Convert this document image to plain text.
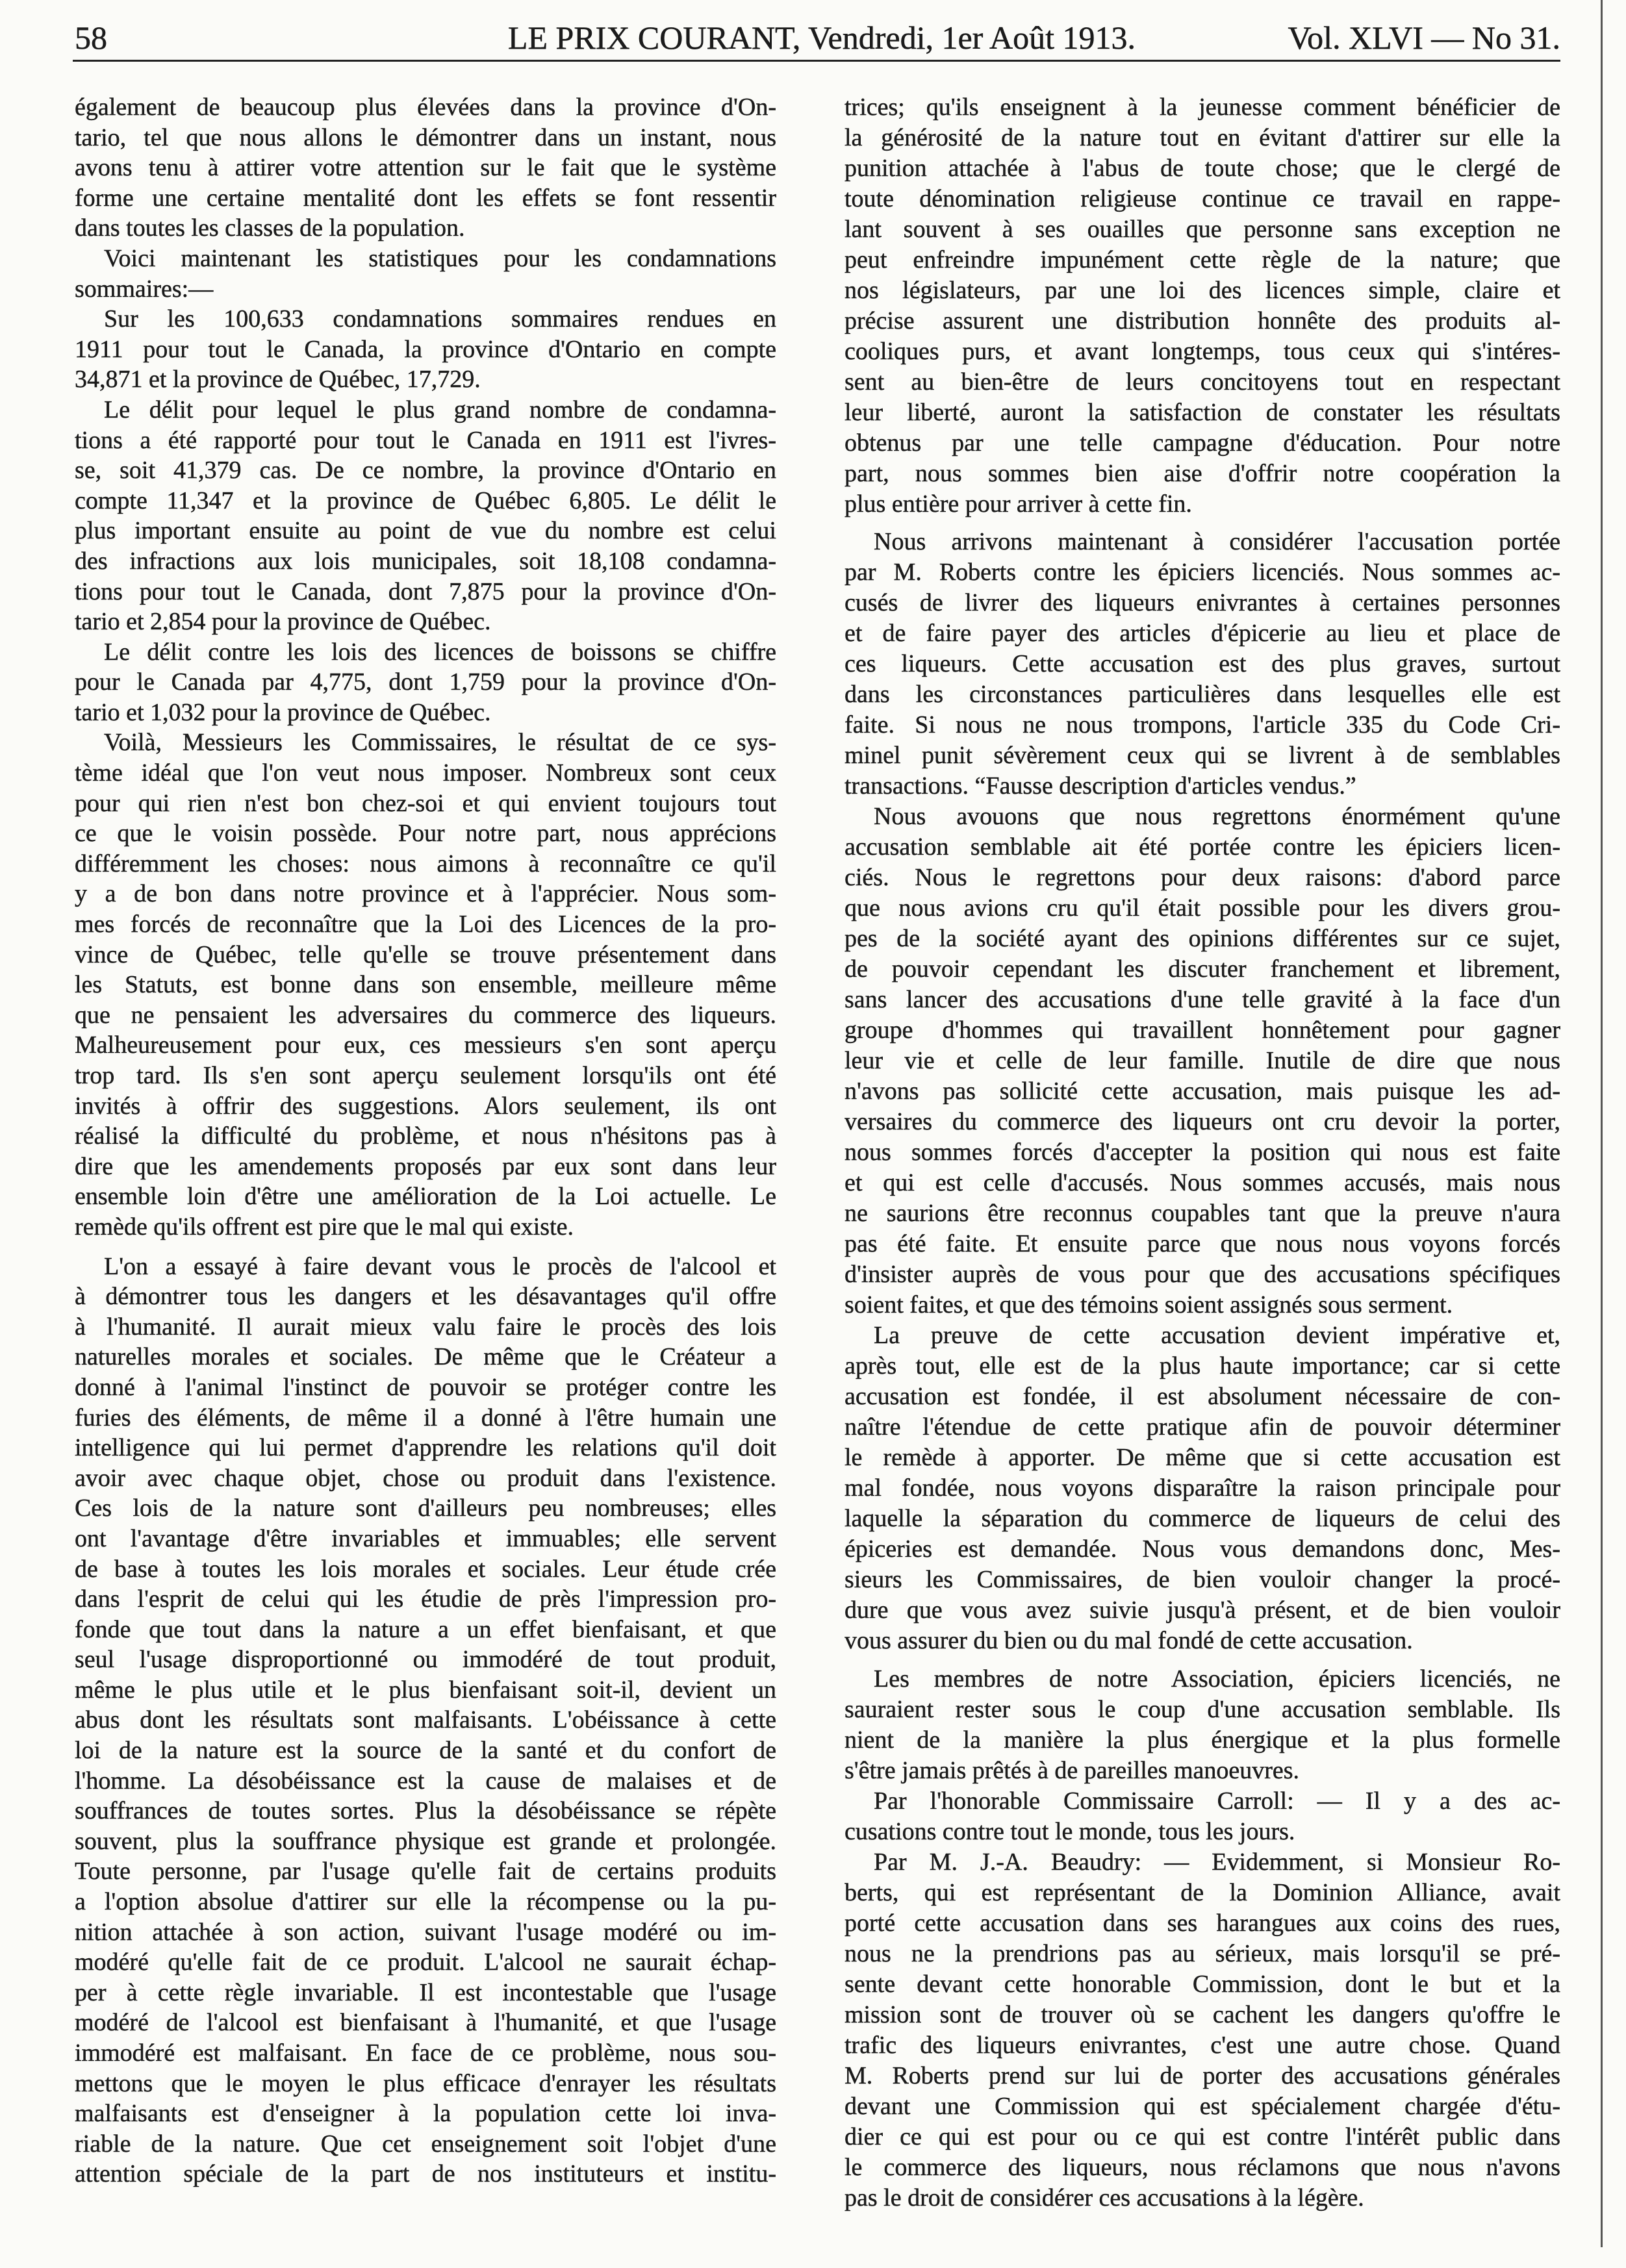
58	LE PRIX COURANT, Vendredi, 1er Août 1913.	Vol. XLVI — No 31.
également de beaucoup plus élevées dans la province d'On-
tario, tel que nous allons le démontrer dans un instant, nous
avons tenu à attirer votre attention sur le fait que le système
forme une certaine mentalité dont les effets se font ressentir
dans toutes les classes de la population.
Voici maintenant les statistiques pour les condamnations
sommaires:—
Sur les 100,633 condamnations sommaires rendues en
1911 pour tout le Canada, la province d'Ontario en compte
34,871 et la province de Québec, 17,729.
Le délit pour lequel le plus grand nombre de condamna-
tions a été rapporté pour tout le Canada en 1911 est l'ivres-
se, soit 41,379 cas. De ce nombre, la province d'Ontario en
compte 11,347 et la province de Québec 6,805. Le délit le
plus important ensuite au point de vue du nombre est celui
des infractions aux lois municipales, soit 18,108 condamna-
tions pour tout le Canada, dont 7,875 pour la province d'On-
tario et 2,854 pour la province de Québec.
Le délit contre les lois des licences de boissons se chiffre
pour le Canada par 4,775, dont 1,759 pour la province d'On-
tario et 1,032 pour la province de Québec.
Voilà, Messieurs les Commissaires, le résultat de ce sys-
tème idéal que l'on veut nous imposer. Nombreux sont ceux
pour qui rien n'est bon chez-soi et qui envient toujours tout
ce que le voisin possède. Pour notre part, nous apprécions
différemment les choses: nous aimons à reconnaître ce qu'il
y a de bon dans notre province et à l'apprécier. Nous som-
mes forcés de reconnaître que la Loi des Licences de la pro-
vince de Québec, telle qu'elle se trouve présentement dans
les Statuts, est bonne dans son ensemble, meilleure même
que ne pensaient les adversaires du commerce des liqueurs.
Malheureusement pour eux, ces messieurs s'en sont aperçu
trop tard. Ils s'en sont aperçu seulement lorsqu'ils ont été
invités à offrir des suggestions. Alors seulement, ils ont
réalisé la difficulté du problème, et nous n'hésitons pas à
dire que les amendements proposés par eux sont dans leur
ensemble loin d'être une amélioration de la Loi actuelle. Le
remède qu'ils offrent est pire que le mal qui existe.
L'on a essayé à faire devant vous le procès de l'alcool et
à démontrer tous les dangers et les désavantages qu'il offre
à l'humanité. Il aurait mieux valu faire le procès des lois
naturelles morales et sociales. De même que le Créateur a
donné à l'animal l'instinct de pouvoir se protéger contre les
furies des éléments, de même il a donné à l'être humain une
intelligence qui lui permet d'apprendre les relations qu'il doit
avoir avec chaque objet, chose ou produit dans l'existence.
Ces lois de la nature sont d'ailleurs peu nombreuses; elles
ont l'avantage d'être invariables et immuables; elle servent
de base à toutes les lois morales et sociales. Leur étude crée
dans l'esprit de celui qui les étudie de près l'impression pro-
fonde que tout dans la nature a un effet bienfaisant, et que
seul l'usage disproportionné ou immodéré de tout produit,
même le plus utile et le plus bienfaisant soit-il, devient un
abus dont les résultats sont malfaisants. L'obéissance à cette
loi de la nature est la source de la santé et du confort de
l'homme. La désobéissance est la cause de malaises et de
souffrances de toutes sortes. Plus la désobéissance se répète
souvent, plus la souffrance physique est grande et prolongée.
Toute personne, par l'usage qu'elle fait de certains produits
a l'option absolue d'attirer sur elle la récompense ou la pu-
nition attachée à son action, suivant l'usage modéré ou im-
modéré qu'elle fait de ce produit. L'alcool ne saurait échap-
per à cette règle invariable. Il est incontestable que l'usage
modéré de l'alcool est bienfaisant à l'humanité, et que l'usage
immodéré est malfaisant. En face de ce problème, nous sou-
mettons que le moyen le plus efficace d'enrayer les résultats
malfaisants est d'enseigner à la population cette loi inva-
riable de la nature. Que cet enseignement soit l'objet d'une
attention spéciale de la part de nos instituteurs et institu-
trices; qu'ils enseignent à la jeunesse comment bénéficier de
la générosité de la nature tout en évitant d'attirer sur elle la
punition attachée à l'abus de toute chose; que le clergé de
toute dénomination religieuse continue ce travail en rappe-
lant souvent à ses ouailles que personne sans exception ne
peut enfreindre impunément cette règle de la nature; que
nos législateurs, par une loi des licences simple, claire et
précise assurent une distribution honnête des produits al-
cooliques purs, et avant longtemps, tous ceux qui s'intéres-
sent au bien-être de leurs concitoyens tout en respectant
leur liberté, auront la satisfaction de constater les résultats
obtenus par une telle campagne d'éducation. Pour notre
part, nous sommes bien aise d'offrir notre coopération la
plus entière pour arriver à cette fin.
Nous arrivons maintenant à considérer l'accusation portée
par M. Roberts contre les épiciers licenciés. Nous sommes ac-
cusés de livrer des liqueurs enivrantes à certaines personnes
et de faire payer des articles d'épicerie au lieu et place de
ces liqueurs. Cette accusation est des plus graves, surtout
dans les circonstances particulières dans lesquelles elle est
faite. Si nous ne nous trompons, l'article 335 du Code Cri-
minel punit sévèrement ceux qui se livrent à de semblables
transactions. “Fausse description d'articles vendus.”
Nous avouons que nous regrettons énormément qu'une
accusation semblable ait été portée contre les épiciers licen-
ciés. Nous le regrettons pour deux raisons: d'abord parce
que nous avions cru qu'il était possible pour les divers grou-
pes de la société ayant des opinions différentes sur ce sujet,
de pouvoir cependant les discuter franchement et librement,
sans lancer des accusations d'une telle gravité à la face d'un
groupe d'hommes qui travaillent honnêtement pour gagner
leur vie et celle de leur famille. Inutile de dire que nous
n'avons pas sollicité cette accusation, mais puisque les ad-
versaires du commerce des liqueurs ont cru devoir la porter,
nous sommes forcés d'accepter la position qui nous est faite
et qui est celle d'accusés. Nous sommes accusés, mais nous
ne saurions être reconnus coupables tant que la preuve n'aura
pas été faite. Et ensuite parce que nous nous voyons forcés
d'insister auprès de vous pour que des accusations spécifiques
soient faites, et que des témoins soient assignés sous serment.
La preuve de cette accusation devient impérative et,
après tout, elle est de la plus haute importance; car si cette
accusation est fondée, il est absolument nécessaire de con-
naître l'étendue de cette pratique afin de pouvoir déterminer
le remède à apporter. De même que si cette accusation est
mal fondée, nous voyons disparaître la raison principale pour
laquelle la séparation du commerce de liqueurs de celui des
épiceries est demandée. Nous vous demandons donc, Mes-
sieurs les Commissaires, de bien vouloir changer la procé-
dure que vous avez suivie jusqu'à présent, et de bien vouloir
vous assurer du bien ou du mal fondé de cette accusation.
Les membres de notre Association, épiciers licenciés, ne
sauraient rester sous le coup d'une accusation semblable. Ils
nient de la manière la plus énergique et la plus formelle
s'être jamais prêtés à de pareilles manoeuvres.
Par l'honorable Commissaire Carroll: — Il y a des ac-
cusations contre tout le monde, tous les jours.
Par M. J.-A. Beaudry: — Evidemment, si Monsieur Ro-
berts, qui est représentant de la Dominion Alliance, avait
porté cette accusation dans ses harangues aux coins des rues,
nous ne la prendrions pas au sérieux, mais lorsqu'il se pré-
sente devant cette honorable Commission, dont le but et la
mission sont de trouver où se cachent les dangers qu'offre le
trafic des liqueurs enivrantes, c'est une autre chose. Quand
M. Roberts prend sur lui de porter des accusations générales
devant une Commission qui est spécialement chargée d'étu-
dier ce qui est pour ou ce qui est contre l'intérêt public dans
le commerce des liqueurs, nous réclamons que nous n'avons
pas le droit de considérer ces accusations à la légère.
